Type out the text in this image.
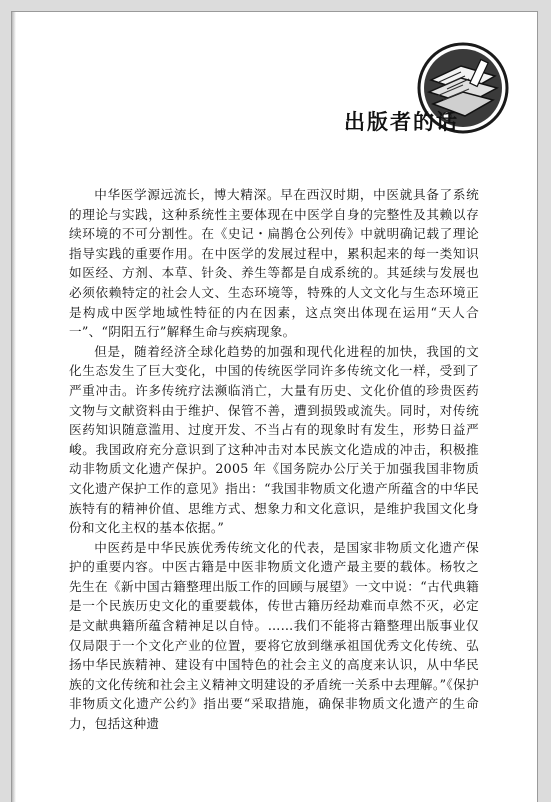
出版者的话

中华医学源远流长，博大精深。早在西汉时期，中医就具备了系统的理论与实践，这种系统性主要体现在中医学自身的完整性及其赖以存续环境的不可分割性。在《史记・扁鹊仓公列传》中就明确记载了理论指导实践的重要作用。在中医学的发展过程中，累积起来的每一类知识如医经、方剂、本草、针灸、养生等都是自成系统的。其延续与发展也必须依赖特定的社会人文、生态环境等，特殊的人文文化与生态环境正是构成中医学地域性特征的内在因素，这点突出体现在运用“天人合一”、“阴阳五行”解释生命与疾病现象。

但是，随着经济全球化趋势的加强和现代化进程的加快，我国的文化生态发生了巨大变化，中国的传统医学同许多传统文化一样，受到了严重冲击。许多传统疗法濒临消亡，大量有历史、文化价值的珍贵医药文物与文献资料由于维护、保管不善，遭到损毁或流失。同时，对传统医药知识随意滥用、过度开发、不当占有的现象时有发生，形势日益严峻。我国政府充分意识到了这种冲击对本民族文化造成的冲击，积极推动非物质文化遗产保护。2005 年《国务院办公厅关于加强我国非物质文化遗产保护工作的意见》指出：“我国非物质文化遗产所蕴含的中华民族特有的精神价值、思维方式、想象力和文化意识，是维护我国文化身份和文化主权的基本依据。”

中医药是中华民族优秀传统文化的代表，是国家非物质文化遗产保护的重要内容。中医古籍是中医非物质文化遗产最主要的载体。杨牧之先生在《新中国古籍整理出版工作的回顾与展望》一文中说：“古代典籍是一个民族历史文化的重要载体，传世古籍历经劫难而卓然不灭，必定是文献典籍所蕴含精神足以自恃。……我们不能将古籍整理出版事业仅仅局限于一个文化产业的位置，要将它放到继承祖国优秀文化传统、弘扬中华民族精神、建设有中国特色的社会主义的高度来认识，从中华民族的文化传统和社会主义精神文明建设的矛盾统一关系中去理解。”《保护非物质文化遗产公约》指出要“采取措施，确保非物质文化遗产的生命力，包括这种遗
